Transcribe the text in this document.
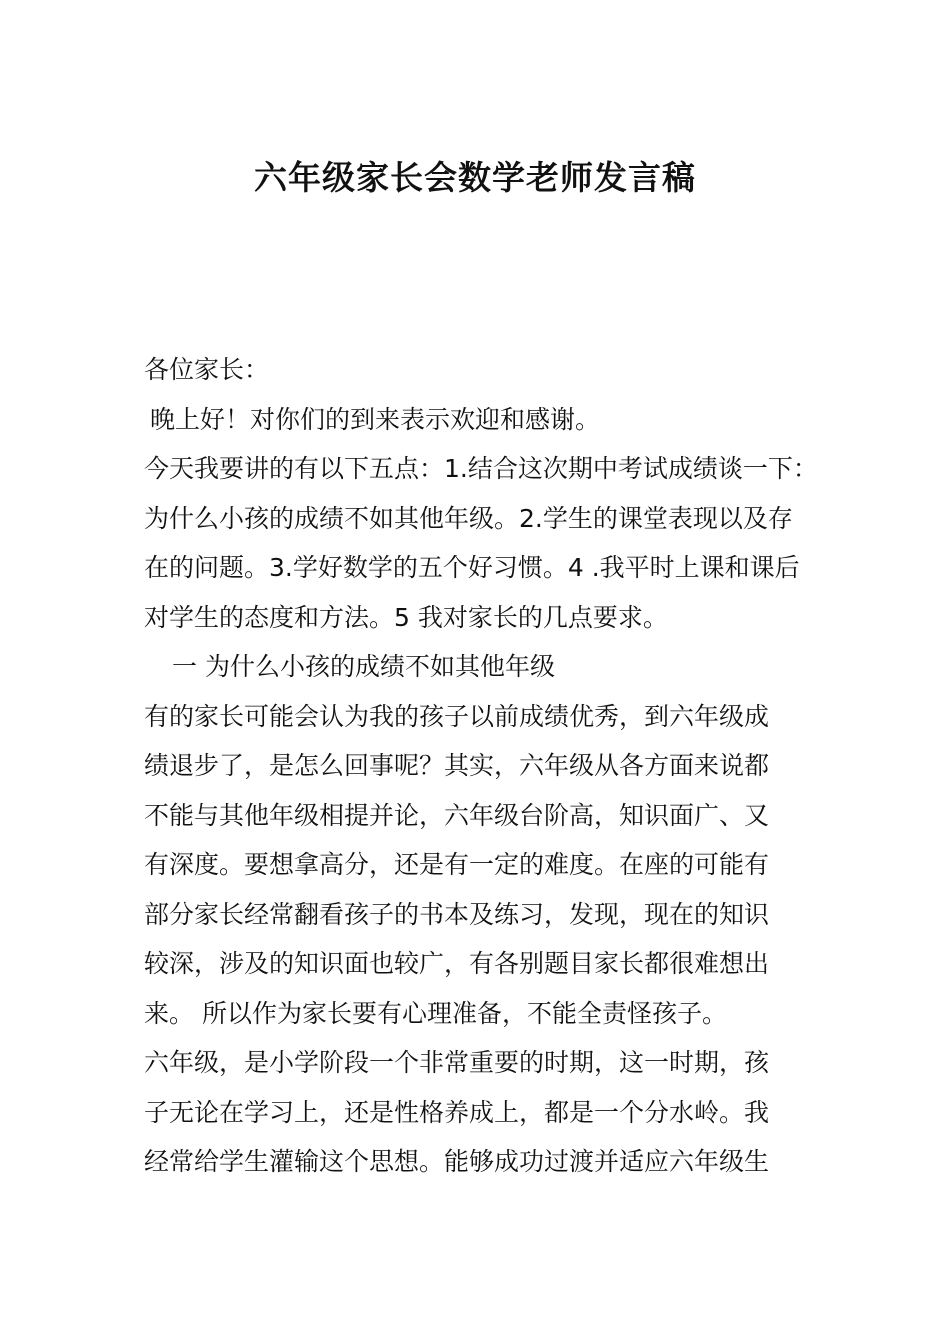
六年级家长会数学老师发言稿

各位家长：

晚上好！对你们的到来表示欢迎和感谢。

今天我要讲的有以下五点：1.结合这次期中考试成绩谈一下：

为什么小孩的成绩不如其他年级。2.学生的课堂表现以及存

在的问题。3.学好数学的五个好习惯。4 .我平时上课和课后

对学生的态度和方法。5 我对家长的几点要求。

一 为什么小孩的成绩不如其他年级

有的家长可能会认为我的孩子以前成绩优秀，到六年级成

绩退步了，是怎么回事呢？其实，六年级从各方面来说都

不能与其他年级相提并论，六年级台阶高，知识面广、又

有深度。要想拿高分，还是有一定的难度。在座的可能有

部分家长经常翻看孩子的书本及练习，发现，现在的知识

较深，涉及的知识面也较广，有各别题目家长都很难想出

来。 所以作为家长要有心理准备，不能全责怪孩子。

六年级，是小学阶段一个非常重要的时期，这一时期，孩

子无论在学习上，还是性格养成上，都是一个分水岭。我

经常给学生灌输这个思想。能够成功过渡并适应六年级生
